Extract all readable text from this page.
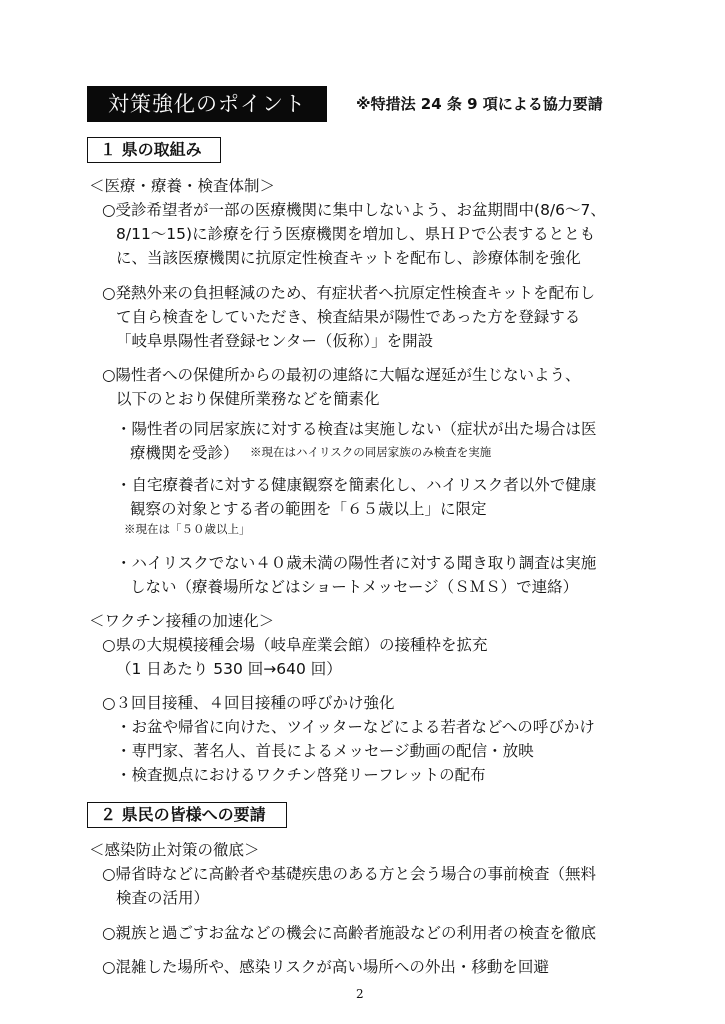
対策強化のポイント	※特措法 24 条 9 項による協力要請
１ 県の取組み
＜医療・療養・検査体制＞
○受診希望者が一部の医療機関に集中しないよう、お盆期間中(8/6～7、
8/11～15)に診療を行う医療機関を増加し、県ＨＰで公表するととも
に、当該医療機関に抗原定性検査キットを配布し、診療体制を強化
○発熱外来の負担軽減のため、有症状者へ抗原定性検査キットを配布し
て自ら検査をしていただき、検査結果が陽性であった方を登録する
「岐阜県陽性者登録センター（仮称）」を開設
○陽性者への保健所からの最初の連絡に大幅な遅延が生じないよう、
以下のとおり保健所業務などを簡素化
・陽性者の同居家族に対する検査は実施しない（症状が出た場合は医
療機関を受診） ※現在はハイリスクの同居家族のみ検査を実施
・自宅療養者に対する健康観察を簡素化し、ハイリスク者以外で健康
観察の対象とする者の範囲を「６５歳以上」に限定
※現在は「５０歳以上」
・ハイリスクでない４０歳未満の陽性者に対する聞き取り調査は実施
しない（療養場所などはショートメッセージ（ＳＭＳ）で連絡）
＜ワクチン接種の加速化＞
○県の大規模接種会場（岐阜産業会館）の接種枠を拡充
（1 日あたり 530 回→640 回）
○３回目接種、４回目接種の呼びかけ強化
・お盆や帰省に向けた、ツイッターなどによる若者などへの呼びかけ
・専門家、著名人、首長によるメッセージ動画の配信・放映
・検査拠点におけるワクチン啓発リーフレットの配布
２ 県民の皆様への要請
＜感染防止対策の徹底＞
○帰省時などに高齢者や基礎疾患のある方と会う場合の事前検査（無料
検査の活用）
○親族と過ごすお盆などの機会に高齢者施設などの利用者の検査を徹底
○混雑した場所や、感染リスクが高い場所への外出・移動を回避
2
